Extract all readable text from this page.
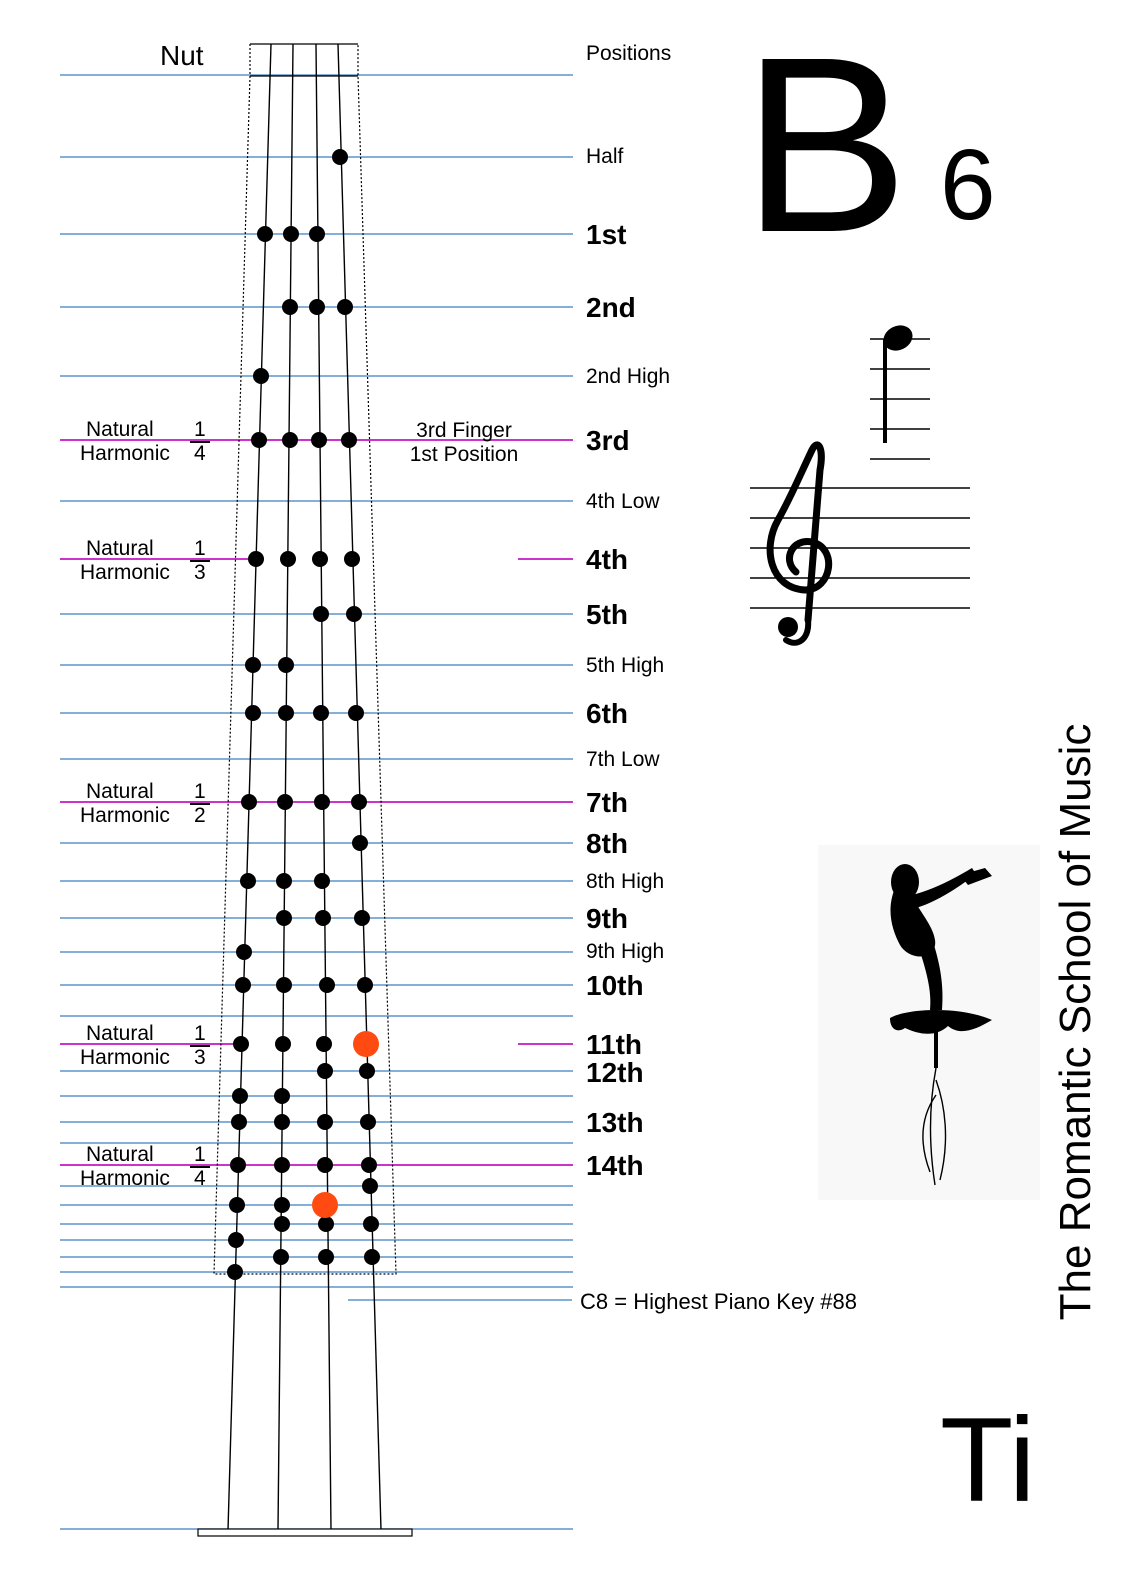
Nut	Positions
Half
1st
2nd
2nd High
3rd
4th Low
4th
5th
5th High
6th
7th Low
7th
8th
8th High
9th
9th High
10th
11th
12th
13th
14th
Natural
Harmonic
1
4
Natural
Harmonic
1
3
Natural
Harmonic
1
2
Natural
Harmonic
1
3
Natural
Harmonic
1
4
3rd Finger
1st Position
B 6
The Romantic School of Music
Ti
C8 = Highest Piano Key #88
